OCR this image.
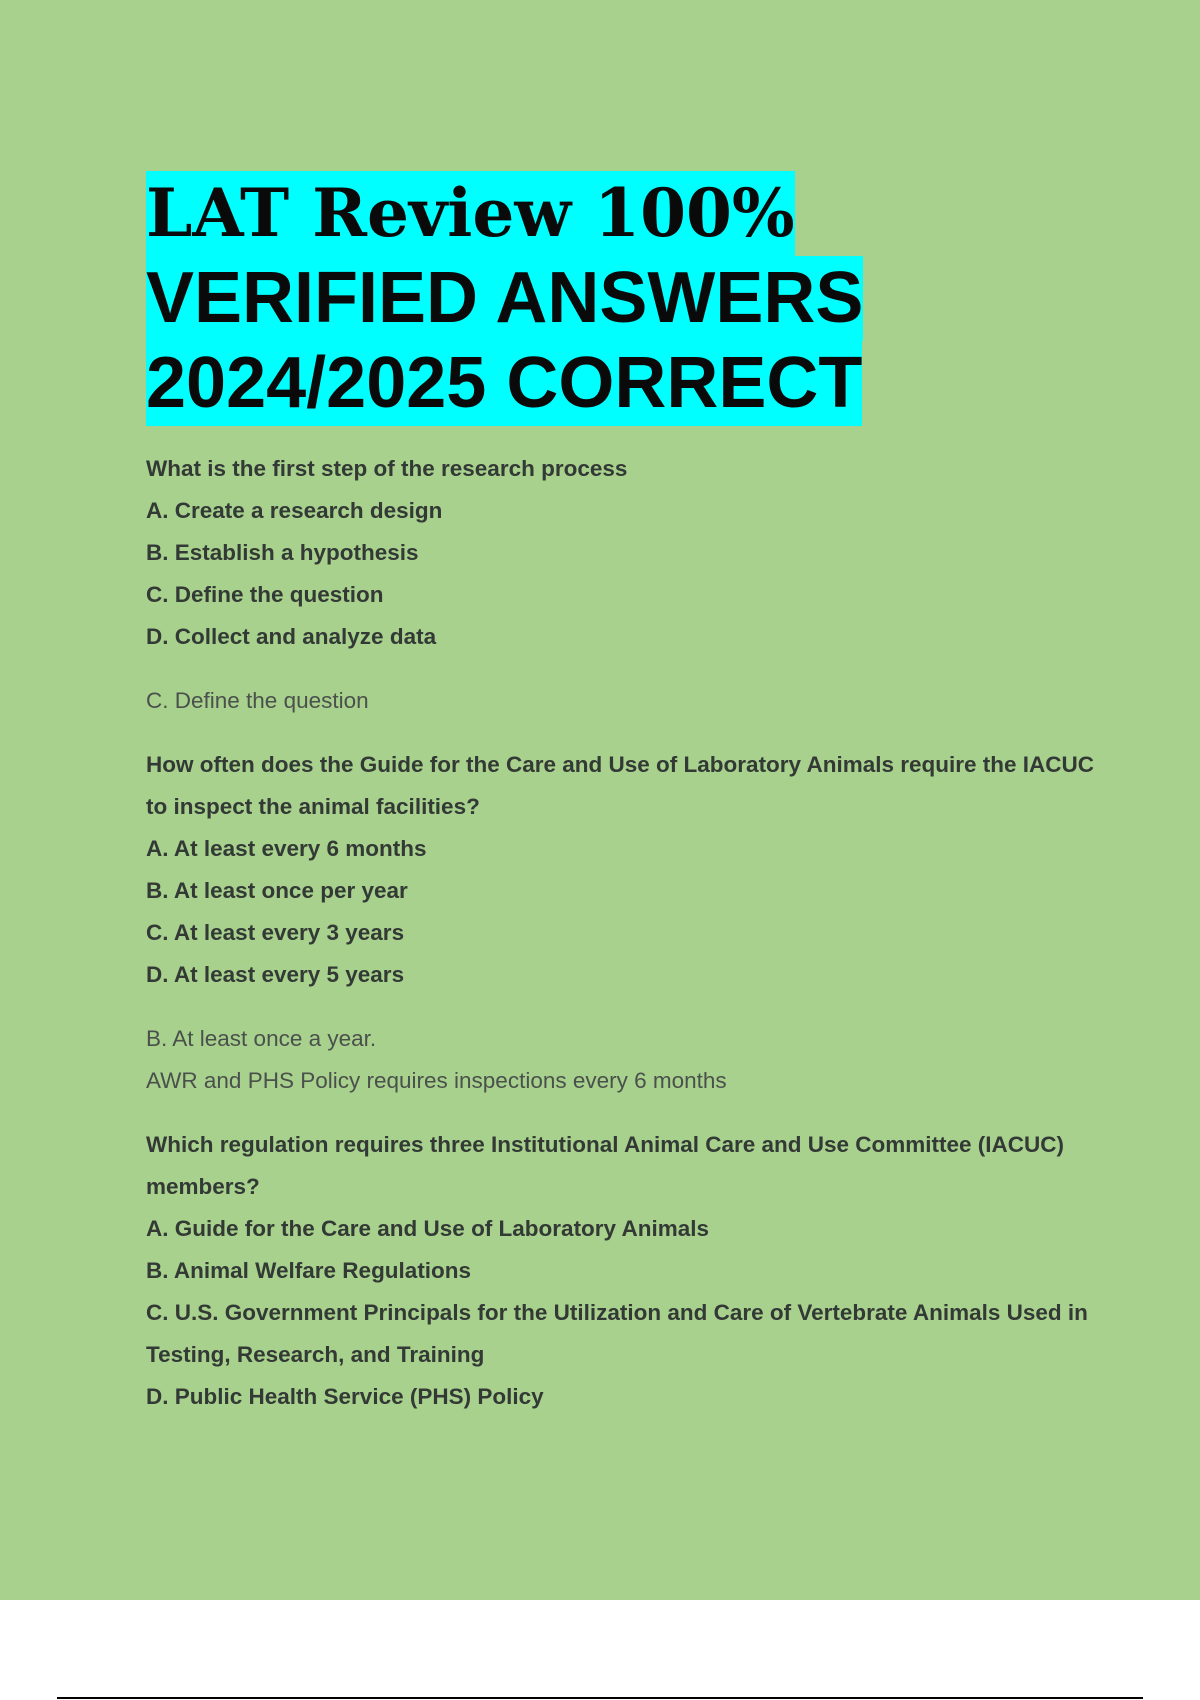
LAT Review 100%
VERIFIED ANSWERS
2024/2025 CORRECT

What is the first step of the research process

A. Create a research design

B. Establish a hypothesis

C. Define the question

D. Collect and analyze data

C. Define the question

How often does the Guide for the Care and Use of Laboratory Animals require the IACUC to inspect the animal facilities?

A. At least every 6 months

B. At least once per year

C. At least every 3 years

D. At least every 5 years

B. At least once a year.

AWR and PHS Policy requires inspections every 6 months

Which regulation requires three Institutional Animal Care and Use Committee (IACUC) members?

A. Guide for the Care and Use of Laboratory Animals

B. Animal Welfare Regulations

C. U.S. Government Principals for the Utilization and Care of Vertebrate Animals Used in Testing, Research, and Training

D. Public Health Service (PHS) Policy
